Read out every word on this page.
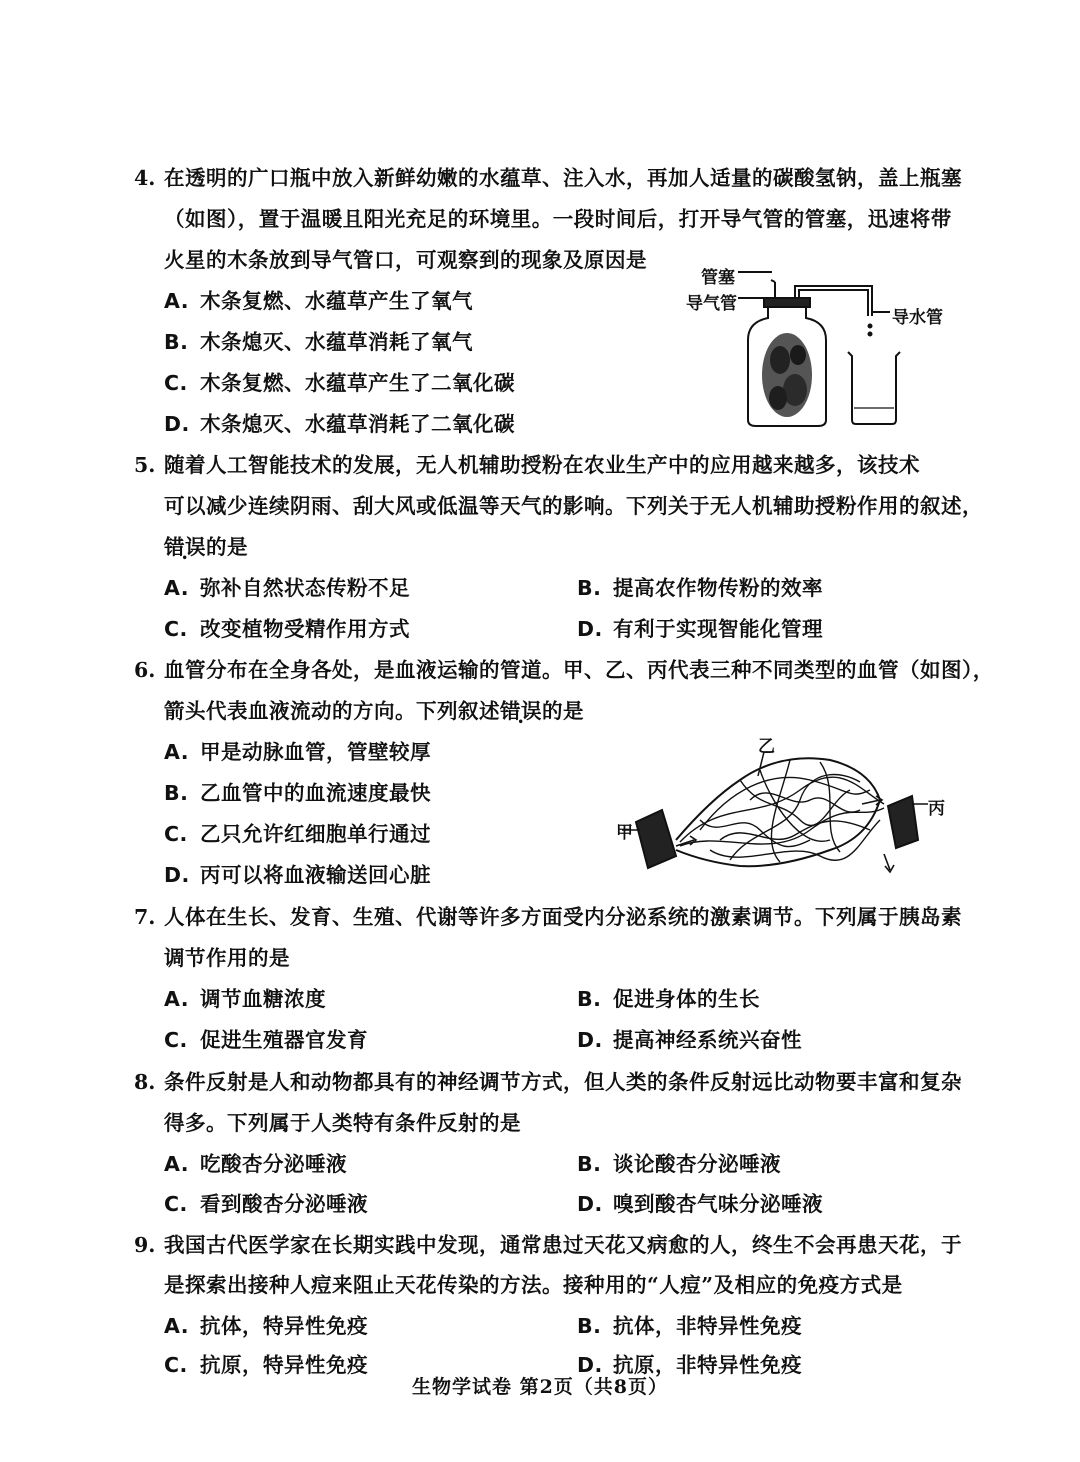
4. 在透明的广口瓶中放入新鲜幼嫩的水蕴草、注入水，再加人适量的碳酸氢钠，盖上瓶塞
（如图），置于温暖且阳光充足的环境里。一段时间后，打开导气管的管塞，迅速将带
火星的木条放到导气管口，可观察到的现象及原因是
A. 木条复燃、水蕴草产生了氧气
B. 木条熄灭、水蕴草消耗了氧气
C. 木条复燃、水蕴草产生了二氧化碳
D. 木条熄灭、水蕴草消耗了二氧化碳
管塞
导气管
导水管
5. 随着人工智能技术的发展，无人机辅助授粉在农业生产中的应用越来越多，该技术
可以减少连续阴雨、刮大风或低温等天气的影响。下列关于无人机辅助授粉作用的叙述，
错误的是
A. 弥补自然状态传粉不足	B. 提高农作物传粉的效率
C. 改变植物受精作用方式	D. 有利于实现智能化管理
6. 血管分布在全身各处，是血液运输的管道。甲、乙、丙代表三种不同类型的血管（如图），
箭头代表血液流动的方向。下列叙述错误的是
A. 甲是动脉血管，管壁较厚
B. 乙血管中的血流速度最快
C. 乙只允许红细胞单行通过
D. 丙可以将血液输送回心脏
乙
甲
丙
7. 人体在生长、发育、生殖、代谢等许多方面受内分泌系统的激素调节。下列属于胰岛素
调节作用的是
A. 调节血糖浓度	B. 促进身体的生长
C. 促进生殖器官发育	D. 提高神经系统兴奋性
8. 条件反射是人和动物都具有的神经调节方式，但人类的条件反射远比动物要丰富和复杂
得多。下列属于人类特有条件反射的是
A. 吃酸杏分泌唾液	B. 谈论酸杏分泌唾液
C. 看到酸杏分泌唾液	D. 嗅到酸杏气味分泌唾液
9. 我国古代医学家在长期实践中发现，通常患过天花又病愈的人，终生不会再患天花，于
是探索出接种人痘来阻止天花传染的方法。接种用的“人痘”及相应的免疫方式是
A. 抗体，特异性免疫	B. 抗体，非特异性免疫
C. 抗原，特异性免疫	D. 抗原，非特异性免疫
生物学试卷 第2页（共8页）
